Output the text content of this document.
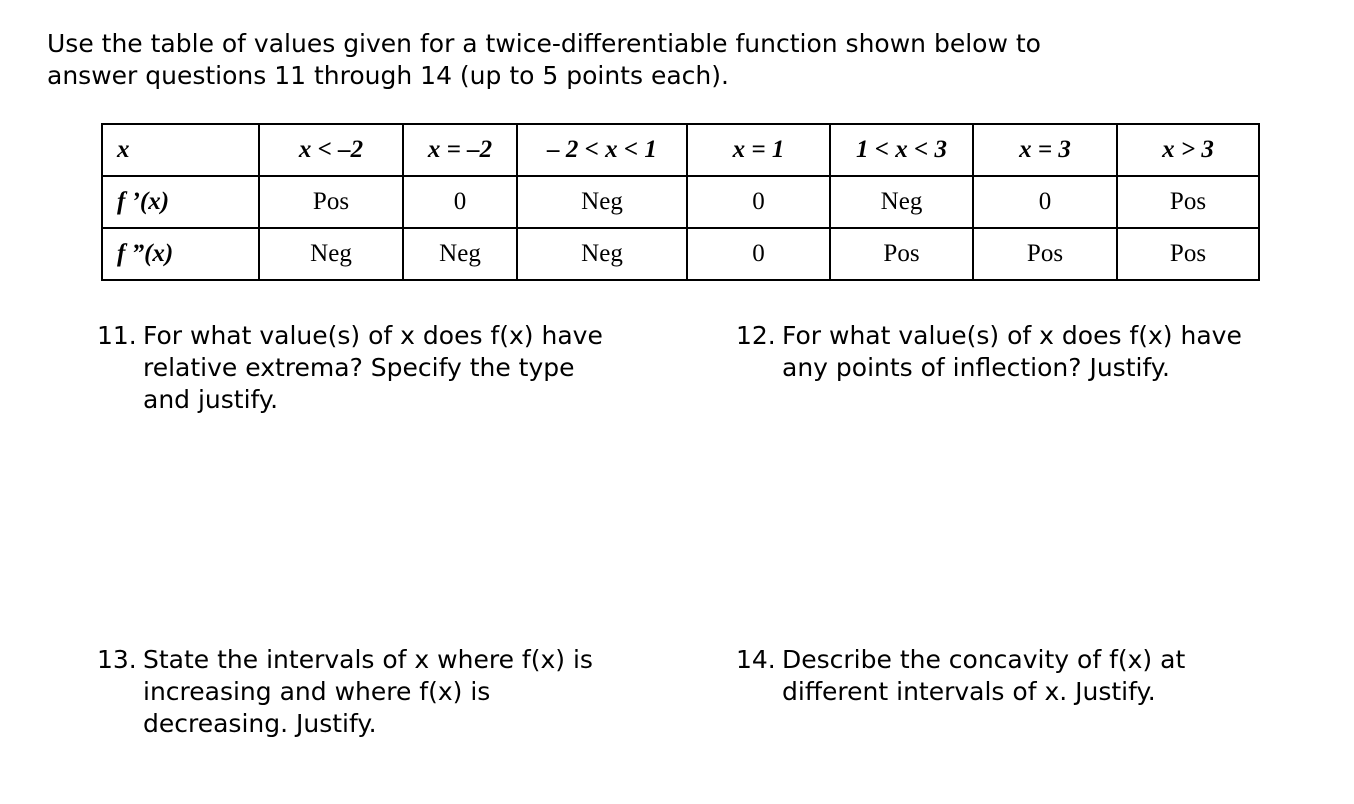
Use the table of values given for a twice-differentiable function shown below to
answer questions 11 through 14 (up to 5 points each).
x	x < –2	x = –2	– 2 < x < 1	x = 1	1 < x < 3	x = 3	x > 3
f ’(x)	Pos	0	Neg	0	Neg	0	Pos
f ”(x)	Neg	Neg	Neg	0	Pos	Pos	Pos
11. For what value(s) of x does f(x) have
relative extrema? Specify the type
and justify.
12. For what value(s) of x does f(x) have
any points of inflection? Justify.
13. State the intervals of x where f(x) is
increasing and where f(x) is
decreasing. Justify.
14. Describe the concavity of f(x) at
different intervals of x. Justify.
